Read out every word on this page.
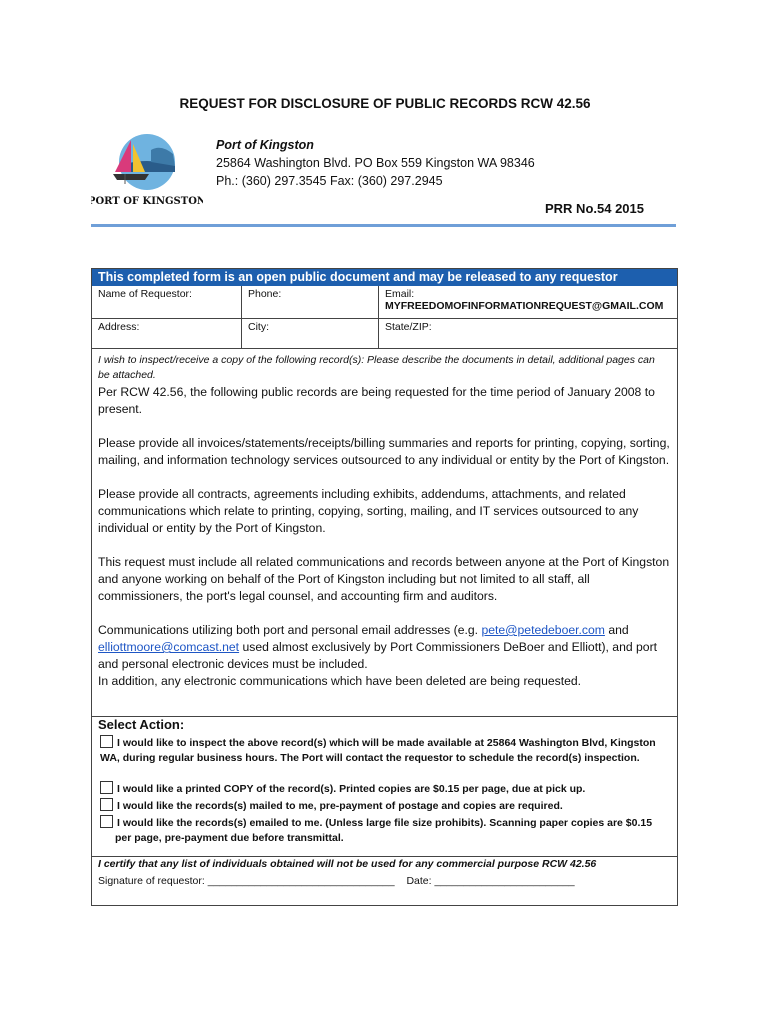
REQUEST FOR DISCLOSURE OF PUBLIC RECORDS RCW 42.56
PORT OF KINGSTON
Port of Kingston
25864 Washington Blvd. PO Box 559 Kingston WA 98346
Ph.: (360) 297.3545 Fax: (360) 297.2945
PRR No.54 2015
This completed form is an open public document and may be released to any requestor
Name of Requestor:	Phone:	Email:
MYFREEDOMOFINFORMATIONREQUEST@GMAIL.COM
Address:	City:	State/ZIP:
I wish to inspect/receive a copy of the following record(s): Please describe the documents in detail, additional pages can be attached.

Per RCW 42.56, the following public records are being requested for the time period of January 2008 to present.

Please provide all invoices/statements/receipts/billing summaries and reports for printing, copying, sorting, mailing, and information technology services outsourced to any individual or entity by the Port of Kingston.

Please provide all contracts, agreements including exhibits, addendums, attachments, and related communications which relate to printing, copying, sorting, mailing, and IT services outsourced to any individual or entity by the Port of Kingston.

This request must include all related communications and records between anyone at the Port of Kingston and anyone working on behalf of the Port of Kingston including but not limited to all staff, all commissioners, the port's legal counsel, and accounting firm and auditors.

Communications utilizing both port and personal email addresses (e.g. pete@petedeboer.com and elliottmoore@comcast.net used almost exclusively by Port Commissioners DeBoer and Elliott), and port and personal electronic devices must be included.

In addition, any electronic communications which have been deleted are being requested.

Select Action:
I would like to inspect the above record(s) which will be made available at 25864 Washington Blvd, Kingston WA, during regular business hours. The Port will contact the requestor to schedule the record(s) inspection.
I would like a printed COPY of the record(s). Printed copies are $0.15 per page, due at pick up.
I would like the records(s) mailed to me, pre-payment of postage and copies are required.
I would like the records(s) emailed to me. (Unless large file size prohibits). Scanning paper copies are $0.15 per page, pre-payment due before transmittal.
I certify that any list of individuals obtained will not be used for any commercial purpose RCW 42.56
Signature of requestor: ________________________________ Date: ________________________
